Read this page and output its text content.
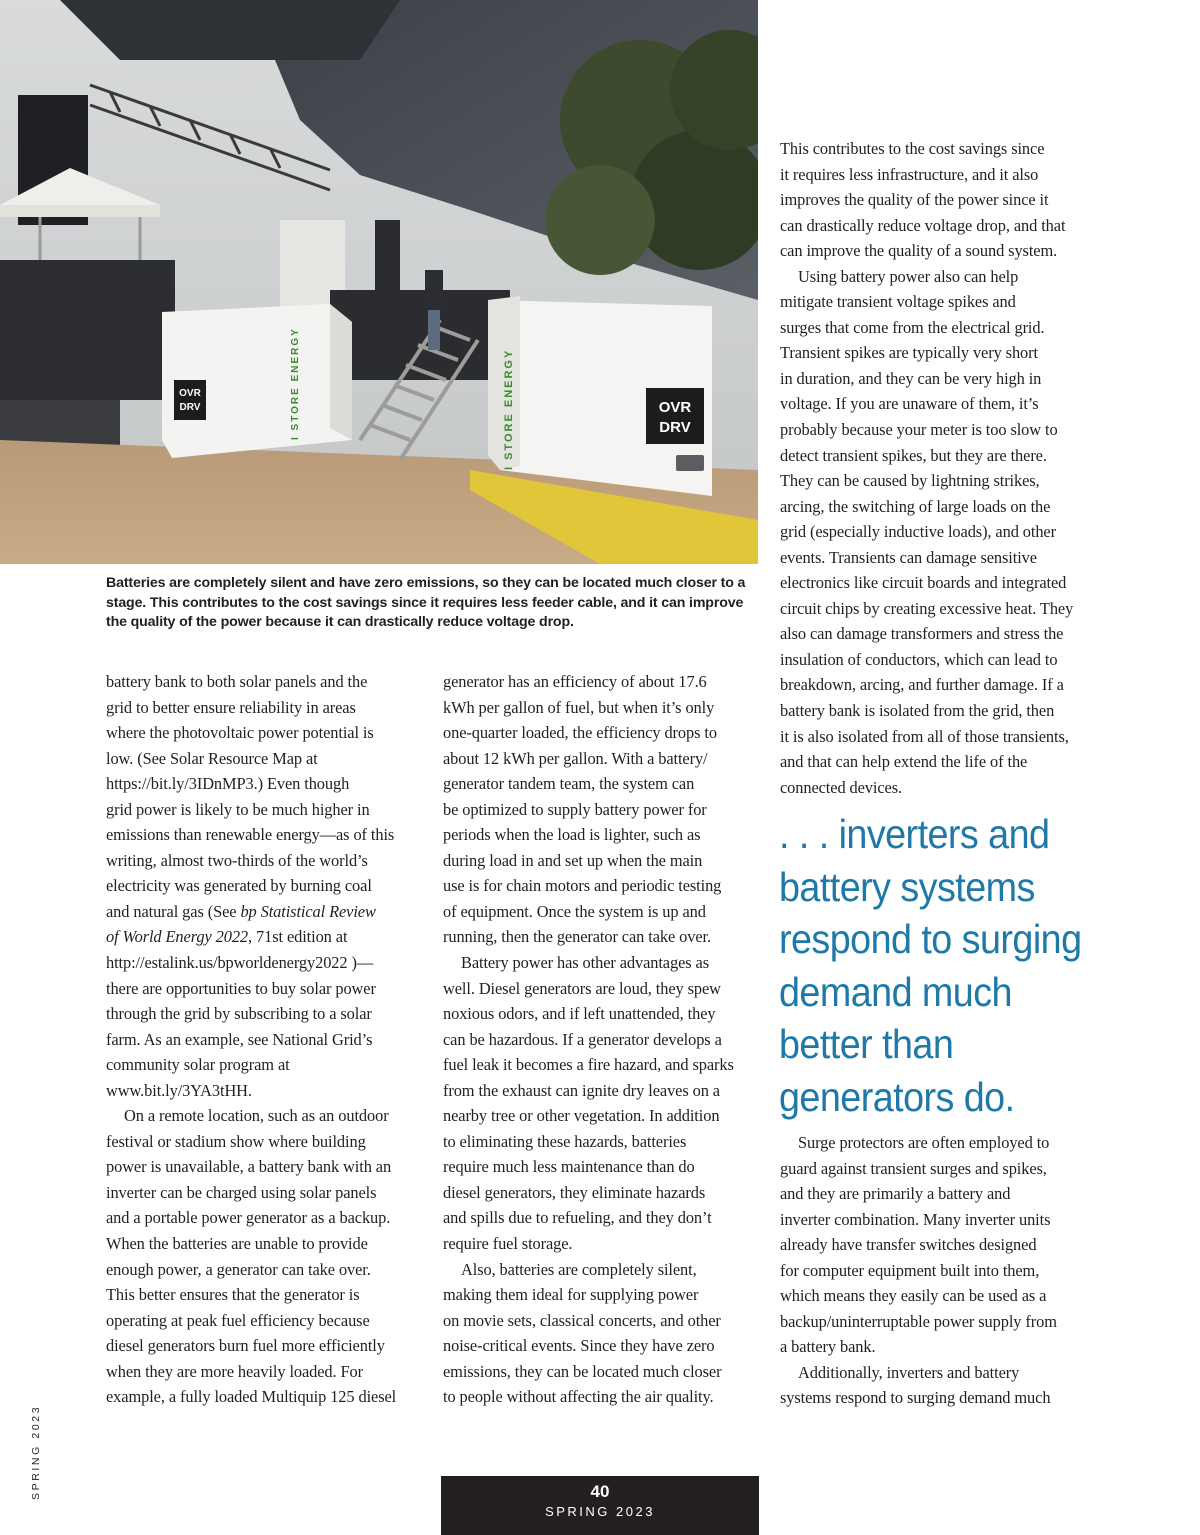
OVR
DRV	I STORE ENERGY	OVR
DRV
I STORE ENERGY
Batteries are completely silent and have zero emissions, so they can be located much closer to a stage. This contributes to the cost savings since it requires less feeder cable, and it can improve the quality of the power because it can drastically reduce voltage drop.

battery bank to both solar panels and the
grid to better ensure reliability in areas
where the photovoltaic power potential is
low. (See Solar Resource Map at
https://bit.ly/3IDnMP3.) Even though
grid power is likely to be much higher in
emissions than renewable energy—as of this
writing, almost two-thirds of the world’s
electricity was generated by burning coal
and natural gas (See bp Statistical Review
of World Energy 2022, 71st edition at
http://estalink.us/bpworldenergy2022 )—
there are opportunities to buy solar power
through the grid by subscribing to a solar
farm. As an example, see National Grid’s
community solar program at
www.bit.ly/3YA3tHH.

On a remote location, such as an outdoor
festival or stadium show where building
power is unavailable, a battery bank with an
inverter can be charged using solar panels
and a portable power generator as a backup.
When the batteries are unable to provide
enough power, a generator can take over.
This better ensures that the generator is
operating at peak fuel efficiency because
diesel generators burn fuel more efficiently
when they are more heavily loaded. For
example, a fully loaded Multiquip 125 diesel

generator has an efficiency of about 17.6
kWh per gallon of fuel, but when it’s only
one-quarter loaded, the efficiency drops to
about 12 kWh per gallon. With a battery/
generator tandem team, the system can
be optimized to supply battery power for
periods when the load is lighter, such as
during load in and set up when the main
use is for chain motors and periodic testing
of equipment. Once the system is up and
running, then the generator can take over.

Battery power has other advantages as
well. Diesel generators are loud, they spew
noxious odors, and if left unattended, they
can be hazardous. If a generator develops a
fuel leak it becomes a fire hazard, and sparks
from the exhaust can ignite dry leaves on a
nearby tree or other vegetation. In addition
to eliminating these hazards, batteries
require much less maintenance than do
diesel generators, they eliminate hazards
and spills due to refueling, and they don’t
require fuel storage.

Also, batteries are completely silent,
making them ideal for supplying power
on movie sets, classical concerts, and other
noise-critical events. Since they have zero
emissions, they can be located much closer
to people without affecting the air quality.

This contributes to the cost savings since
it requires less infrastructure, and it also
improves the quality of the power since it
can drastically reduce voltage drop, and that
can improve the quality of a sound system.

Using battery power also can help
mitigate transient voltage spikes and
surges that come from the electrical grid.
Transient spikes are typically very short
in duration, and they can be very high in
voltage. If you are unaware of them, it’s
probably because your meter is too slow to
detect transient spikes, but they are there.
They can be caused by lightning strikes,
arcing, the switching of large loads on the
grid (especially inductive loads), and other
events. Transients can damage sensitive
electronics like circuit boards and integrated
circuit chips by creating excessive heat. They
also can damage transformers and stress the
insulation of conductors, which can lead to
breakdown, arcing, and further damage. If a
battery bank is isolated from the grid, then
it is also isolated from all of those transients,
and that can help extend the life of the
connected devices.

. . . inverters and
battery systems
respond to surging
demand much
better than
generators do.

Surge protectors are often employed to
guard against transient surges and spikes,
and they are primarily a battery and
inverter combination. Many inverter units
already have transfer switches designed
for computer equipment built into them,
which means they easily can be used as a
backup/uninterruptable power supply from
a battery bank.

Additionally, inverters and battery
systems respond to surging demand much

SPRING 2023	40
SPRING 2023
